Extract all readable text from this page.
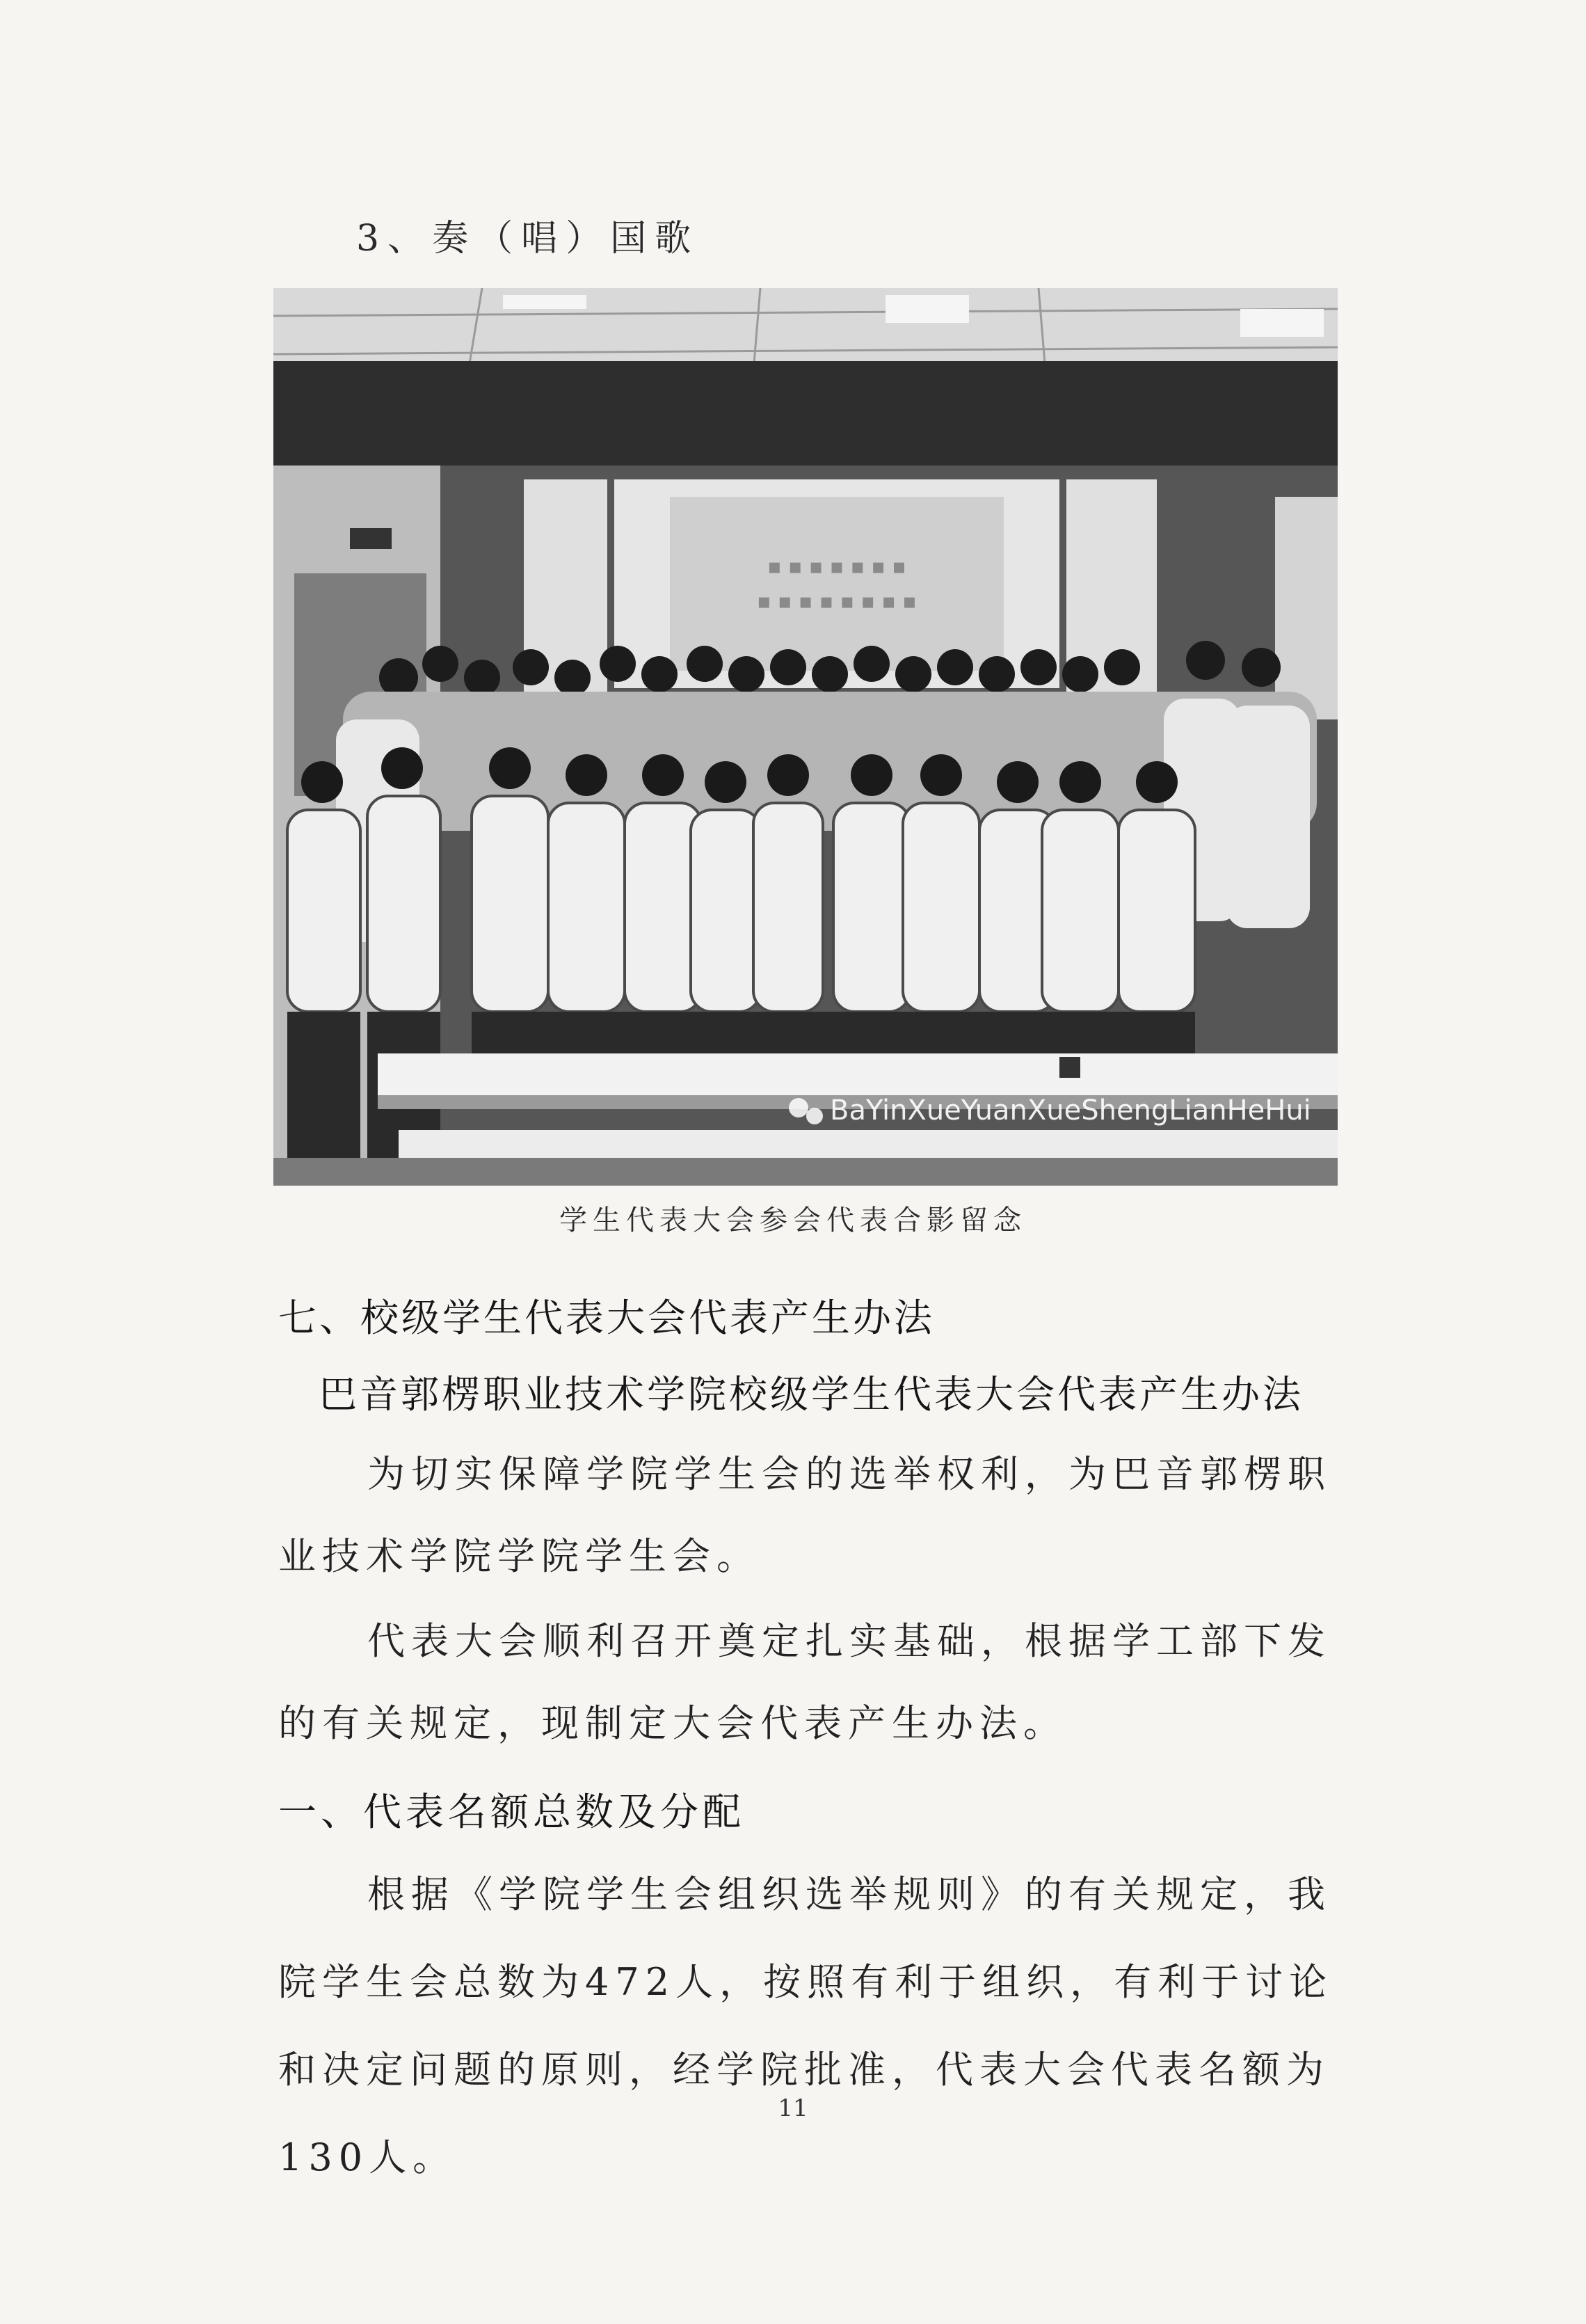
3、奏（唱）国歌
▪ ▪ ▪ ▪ ▪ ▪ ▪
▪ ▪ ▪ ▪ ▪ ▪ ▪ ▪
BaYinXueYuanXueShengLianHeHui
学生代表大会参会代表合影留念
七、校级学生代表大会代表产生办法
巴音郭楞职业技术学院校级学生代表大会代表产生办法

为切实保障学院学生会的选举权利，为巴音郭楞职业技术学院学院学生会。

代表大会顺利召开奠定扎实基础，根据学工部下发的有关规定，现制定大会代表产生办法。

一、代表名额总数及分配

根据《学院学生会组织选举规则》的有关规定，我院学生会总数为472人，按照有利于组织，有利于讨论和决定问题的原则，经学院批准，代表大会代表名额为130人。

11
